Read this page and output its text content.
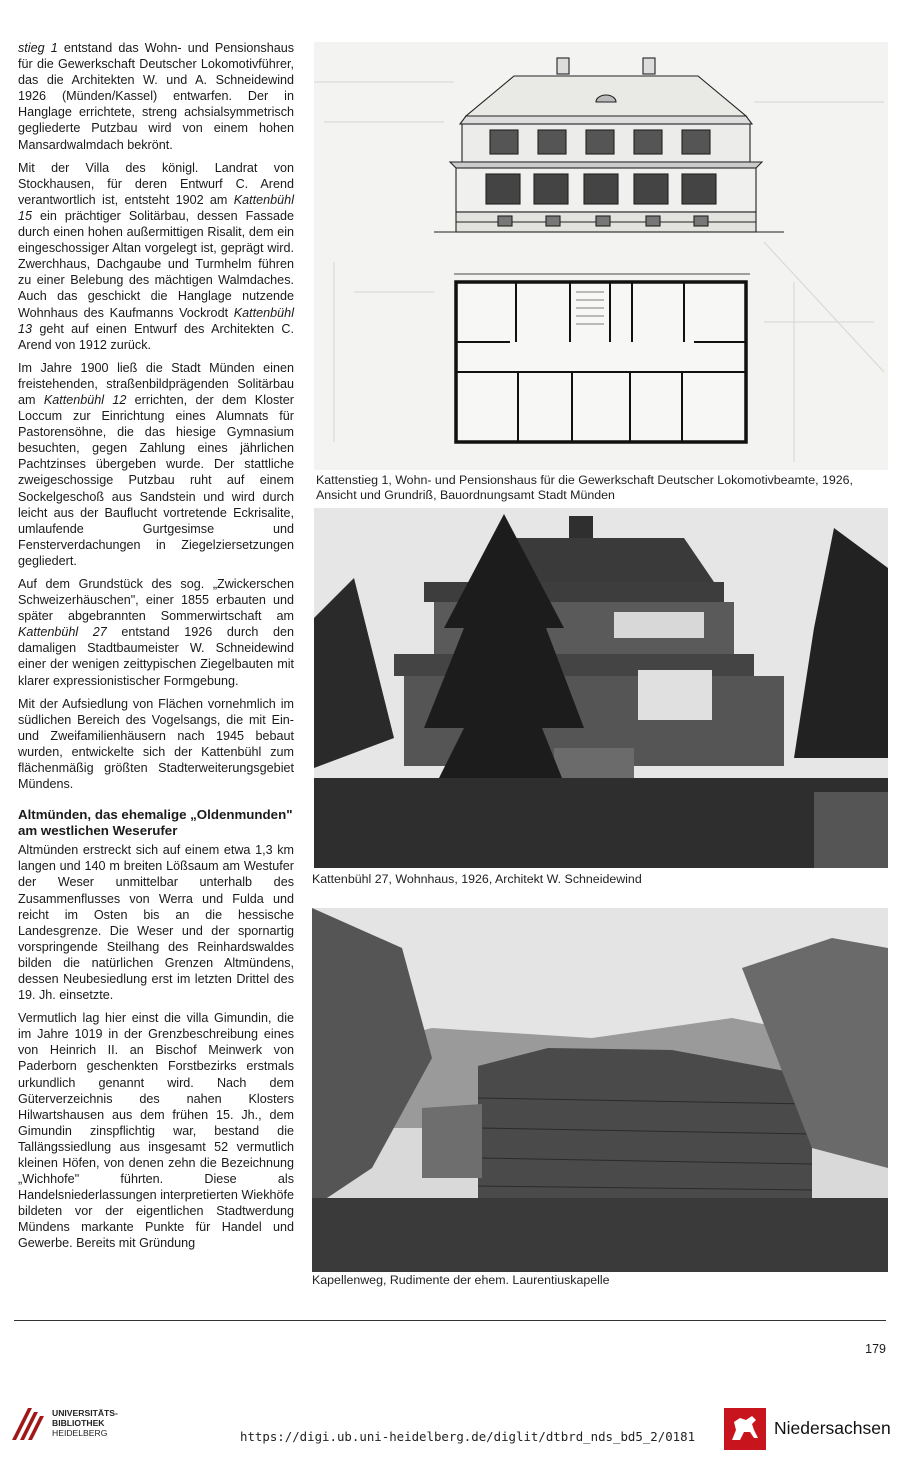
stieg 1 entstand das Wohn- und Pensionshaus für die Gewerkschaft Deutscher Lokomotivführer, das die Architekten W. und A. Schneidewind 1926 (Münden/Kassel) entwarfen. Der in Hanglage errichtete, streng achsialsymmetrisch gegliederte Putzbau wird von einem hohen Mansardwalmdach bekrönt.

Mit der Villa des königl. Landrat von Stockhausen, für deren Entwurf C. Arend verantwortlich ist, entsteht 1902 am Kattenbühl 15 ein prächtiger Solitärbau, dessen Fassade durch einen hohen außermittigen Risalit, dem ein eingeschossiger Altan vorgelegt ist, geprägt wird. Zwerchhaus, Dachgaube und Turmhelm führen zu einer Belebung des mächtigen Walmdaches. Auch das geschickt die Hanglage nutzende Wohnhaus des Kaufmanns Vockrodt Kattenbühl 13 geht auf einen Entwurf des Architekten C. Arend von 1912 zurück.

Im Jahre 1900 ließ die Stadt Münden einen freistehenden, straßenbildprägenden Solitärbau am Kattenbühl 12 errichten, der dem Kloster Loccum zur Einrichtung eines Alumnats für Pastorensöhne, die das hiesige Gymnasium besuchten, gegen Zahlung eines jährlichen Pachtzinses übergeben wurde. Der stattliche zweigeschossige Putzbau ruht auf einem Sockelgeschoß aus Sandstein und wird durch leicht aus der Bauflucht vortretende Eckrisalite, umlaufende Gurtgesimse und Fensterverdachungen in Ziegelziersetzungen gegliedert.

Auf dem Grundstück des sog. „Zwickerschen Schweizerhäuschen", einer 1855 erbauten und später abgebrannten Sommerwirtschaft am Kattenbühl 27 entstand 1926 durch den damaligen Stadtbaumeister W. Schneidewind einer der wenigen zeittypischen Ziegelbauten mit klarer expressionistischer Formgebung.

Mit der Aufsiedlung von Flächen vornehmlich im südlichen Bereich des Vogelsangs, die mit Ein- und Zweifamilienhäusern nach 1945 bebaut wurden, entwickelte sich der Kattenbühl zum flächenmäßig größten Stadterweiterungsgebiet Mündens.

Altmünden, das ehemalige „Oldenmunden" am westlichen Weserufer

Altmünden erstreckt sich auf einem etwa 1,3 km langen und 140 m breiten Lößsaum am Westufer der Weser unmittelbar unterhalb des Zusammenflusses von Werra und Fulda und reicht im Osten bis an die hessische Landesgrenze. Die Weser und der spornartig vorspringende Steilhang des Reinhardswaldes bilden die natürlichen Grenzen Altmündens, dessen Neubesiedlung erst im letzten Drittel des 19. Jh. einsetzte.

Vermutlich lag hier einst die villa Gimundin, die im Jahre 1019 in der Grenzbeschreibung eines von Heinrich II. an Bischof Meinwerk von Paderborn geschenkten Forstbezirks erstmals urkundlich genannt wird. Nach dem Güterverzeichnis des nahen Klosters Hilwartshausen aus dem frühen 15. Jh., dem Gimundin zinspflichtig war, bestand die Tallängssiedlung aus insgesamt 52 vermutlich kleinen Höfen, von denen zehn die Bezeichnung „Wichhofe" führten. Diese als Handelsniederlassungen interpretierten Wiekhöfe bildeten vor der eigentlichen Stadtwerdung Mündens markante Punkte für Handel und Gewerbe. Bereits mit Gründung

Kattenstieg 1, Wohn- und Pensionshaus für die Gewerkschaft Deutscher Lokomotivbeamte, 1926, Ansicht und Grundriß, Bauordnungsamt Stadt Münden
Kattenbühl 27, Wohnhaus, 1926, Architekt W. Schneidewind
Kapellenweg, Rudimente der ehem. Laurentiuskapelle
179
UNIVERSITÄTS-
BIBLIOTHEK
HEIDELBERG	https://digi.ub.uni-heidelberg.de/diglit/dtbrd_nds_bd5_2/0181	Niedersachsen
